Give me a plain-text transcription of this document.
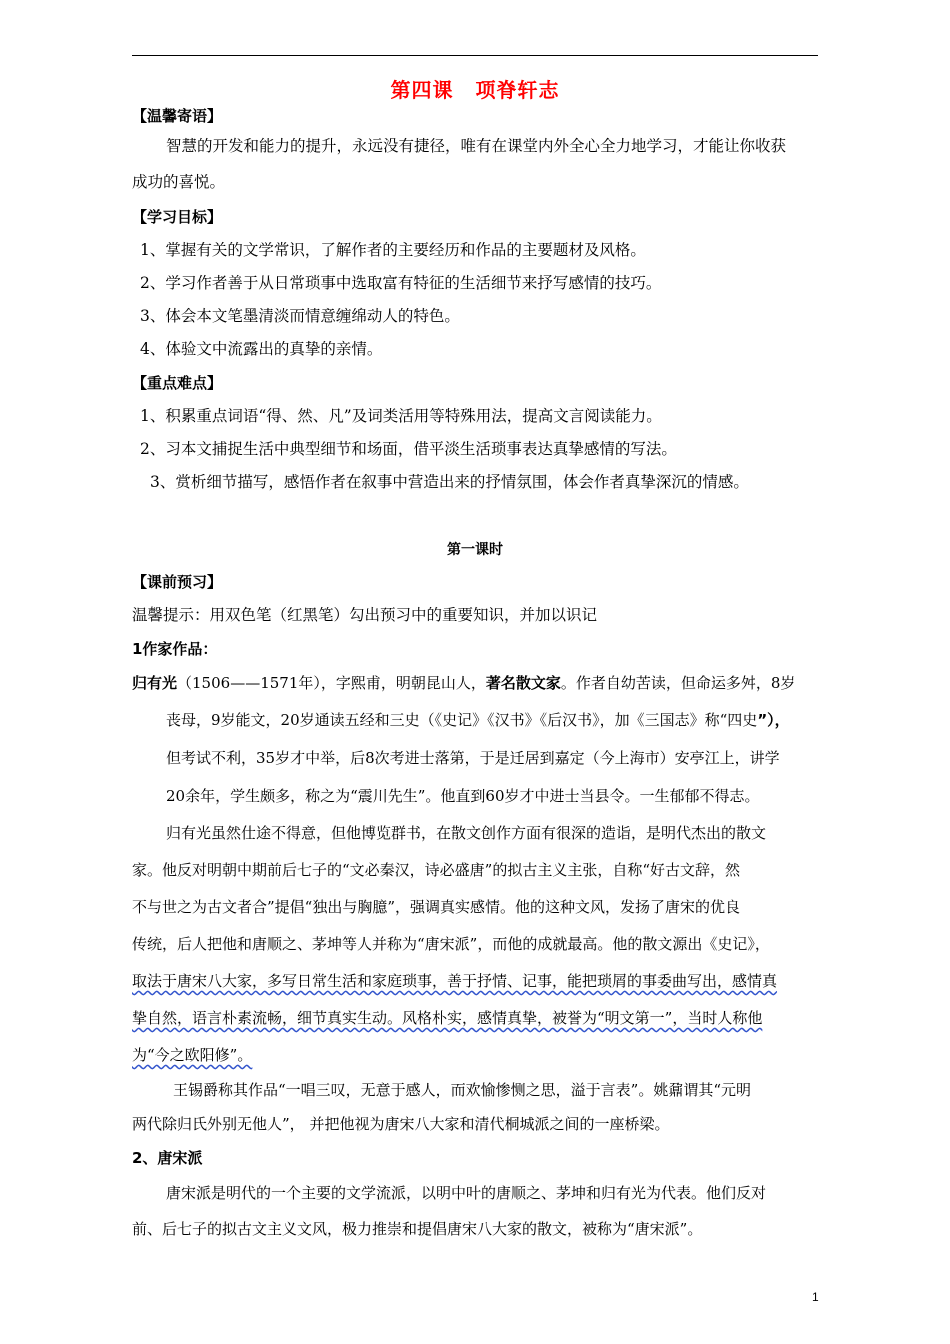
第四课 项脊轩志
【温馨寄语】
智慧的开发和能力的提升，永远没有捷径，唯有在课堂内外全心全力地学习，才能让你收获
成功的喜悦。
【学习目标】
1、掌握有关的文学常识，了解作者的主要经历和作品的主要题材及风格。
2、学习作者善于从日常琐事中选取富有特征的生活细节来抒写感情的技巧。
3、体会本文笔墨清淡而情意缠绵动人的特色。
4、体验文中流露出的真挚的亲情。
【重点难点】
1、积累重点词语“得、然、凡”及词类活用等特殊用法，提高文言阅读能力。
2、习本文捕捉生活中典型细节和场面，借平淡生活琐事表达真挚感情的写法。
3、赏析细节描写，感悟作者在叙事中营造出来的抒情氛围，体会作者真挚深沉的情感。
第一课时
【课前预习】
温馨提示：用双色笔（红黑笔）勾出预习中的重要知识，并加以识记
1作家作品：
归有光（1506——1571年），字熙甫，明朝昆山人，著名散文家。作者自幼苦读，但命运多舛，8岁
丧母，9岁能文，20岁通读五经和三史（《史记》《汉书》《后汉书》，加《三国志》称“四史”），
但考试不利，35岁才中举，后8次考进士落第，于是迁居到嘉定（今上海市）安亭江上，讲学
20余年，学生颇多，称之为“震川先生”。他直到60岁才中进士当县令。一生郁郁不得志。
归有光虽然仕途不得意，但他博览群书，在散文创作方面有很深的造诣，是明代杰出的散文
家。他反对明朝中期前后七子的“文必秦汉，诗必盛唐”的拟古主义主张，自称“好古文辞，然
不与世之为古文者合”提倡“独出与胸臆”，强调真实感情。他的这种文风，发扬了唐宋的优良
传统，后人把他和唐顺之、茅坤等人并称为“唐宋派”，而他的成就最高。他的散文源出《史记》，
取法于唐宋八大家，多写日常生活和家庭琐事，善于抒情、记事，能把琐屑的事委曲写出，感情真
挚自然，语言朴素流畅，细节真实生动。风格朴实，感情真挚，被誉为“明文第一”，当时人称他
为“今之欧阳修”。
王锡爵称其作品“一唱三叹，无意于感人，而欢愉惨恻之思，溢于言表”。姚鼐谓其“元明
两代除归氏外别无他人”， 并把他视为唐宋八大家和清代桐城派之间的一座桥梁。
2、唐宋派
唐宋派是明代的一个主要的文学流派，以明中叶的唐顺之、茅坤和归有光为代表。他们反对
前、后七子的拟古文主义文风，极力推崇和提倡唐宋八大家的散文，被称为“唐宋派”。
1
